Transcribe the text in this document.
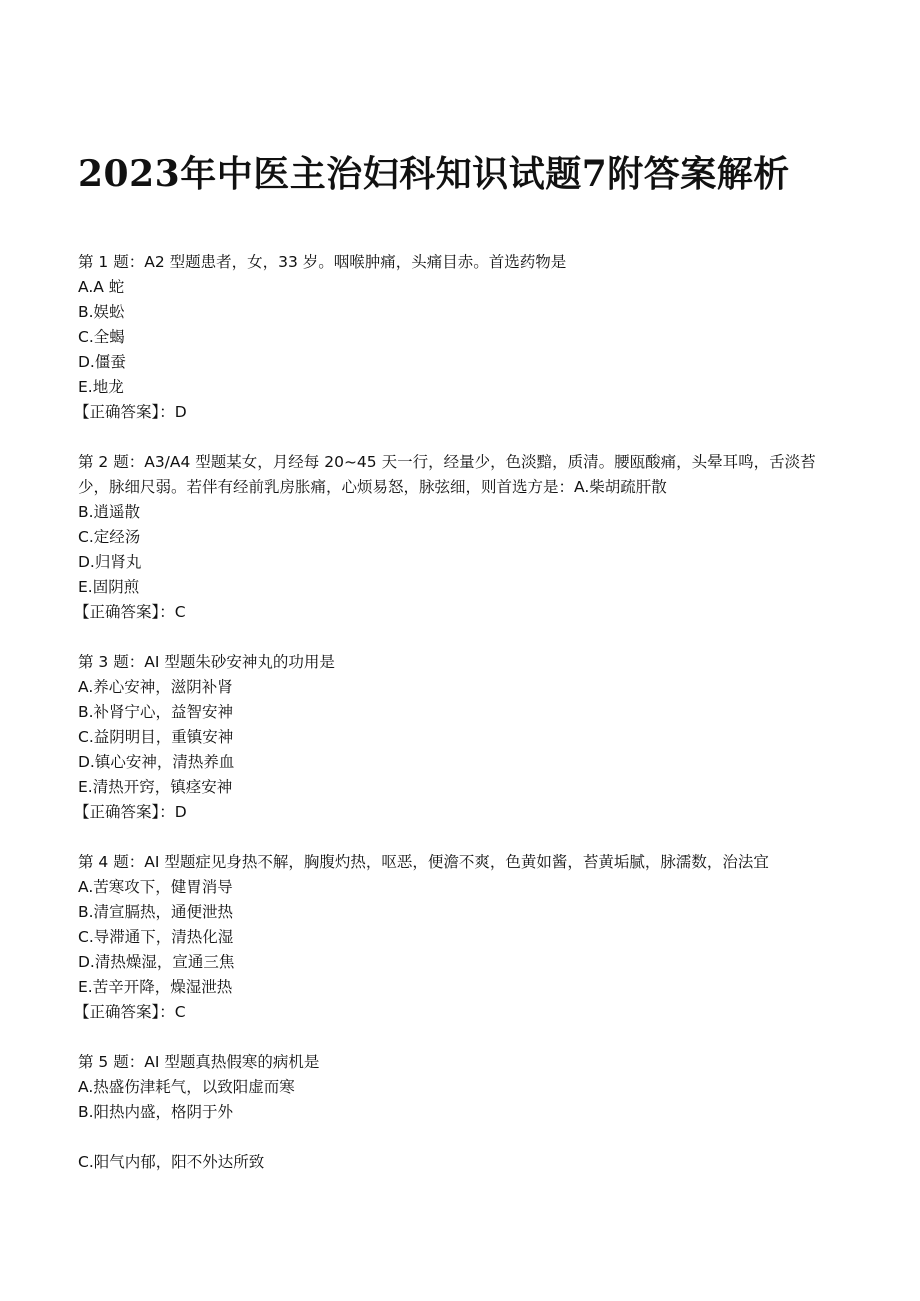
2023年中医主治妇科知识试题7附答案解析

第 1 题：A2 型题患者，女，33 岁。咽喉肿痛，头痛目赤。首选药物是

A.A 蛇

B.娱蚣

C.全蝎

D.僵蚕

E.地龙

【正确答案】：D

第 2 题：A3/A4 型题某女，月经每 20~45 天一行，经量少，色淡黯，质清。腰瓯酸痛，头晕耳鸣，舌淡苔少，脉细尺弱。若伴有经前乳房胀痛，心烦易怒，脉弦细，则首选方是：A.柴胡疏肝散

B.逍遥散

C.定经汤

D.归肾丸

E.固阴煎

【正确答案】：C

第 3 题：AI 型题朱砂安神丸的功用是

A.养心安神，滋阴补肾

B.补肾宁心，益智安神

C.益阴明目，重镇安神

D.镇心安神，清热养血

E.清热开窍，镇痉安神

【正确答案】：D

第 4 题：AI 型题症见身热不解，胸腹灼热，呕恶，便澹不爽，色黄如酱，苔黄垢腻，脉濡数，治法宜

A.苦寒攻下，健胃消导

B.清宣膈热，通便泄热

C.导滞通下，清热化湿

D.清热燥湿，宣通三焦

E.苦辛开降，燥湿泄热

【正确答案】：C

第 5 题：AI 型题真热假寒的病机是

A.热盛伤津耗气，以致阳虚而寒

B.阳热内盛，格阴于外

C.阳气内郁，阳不外达所致
